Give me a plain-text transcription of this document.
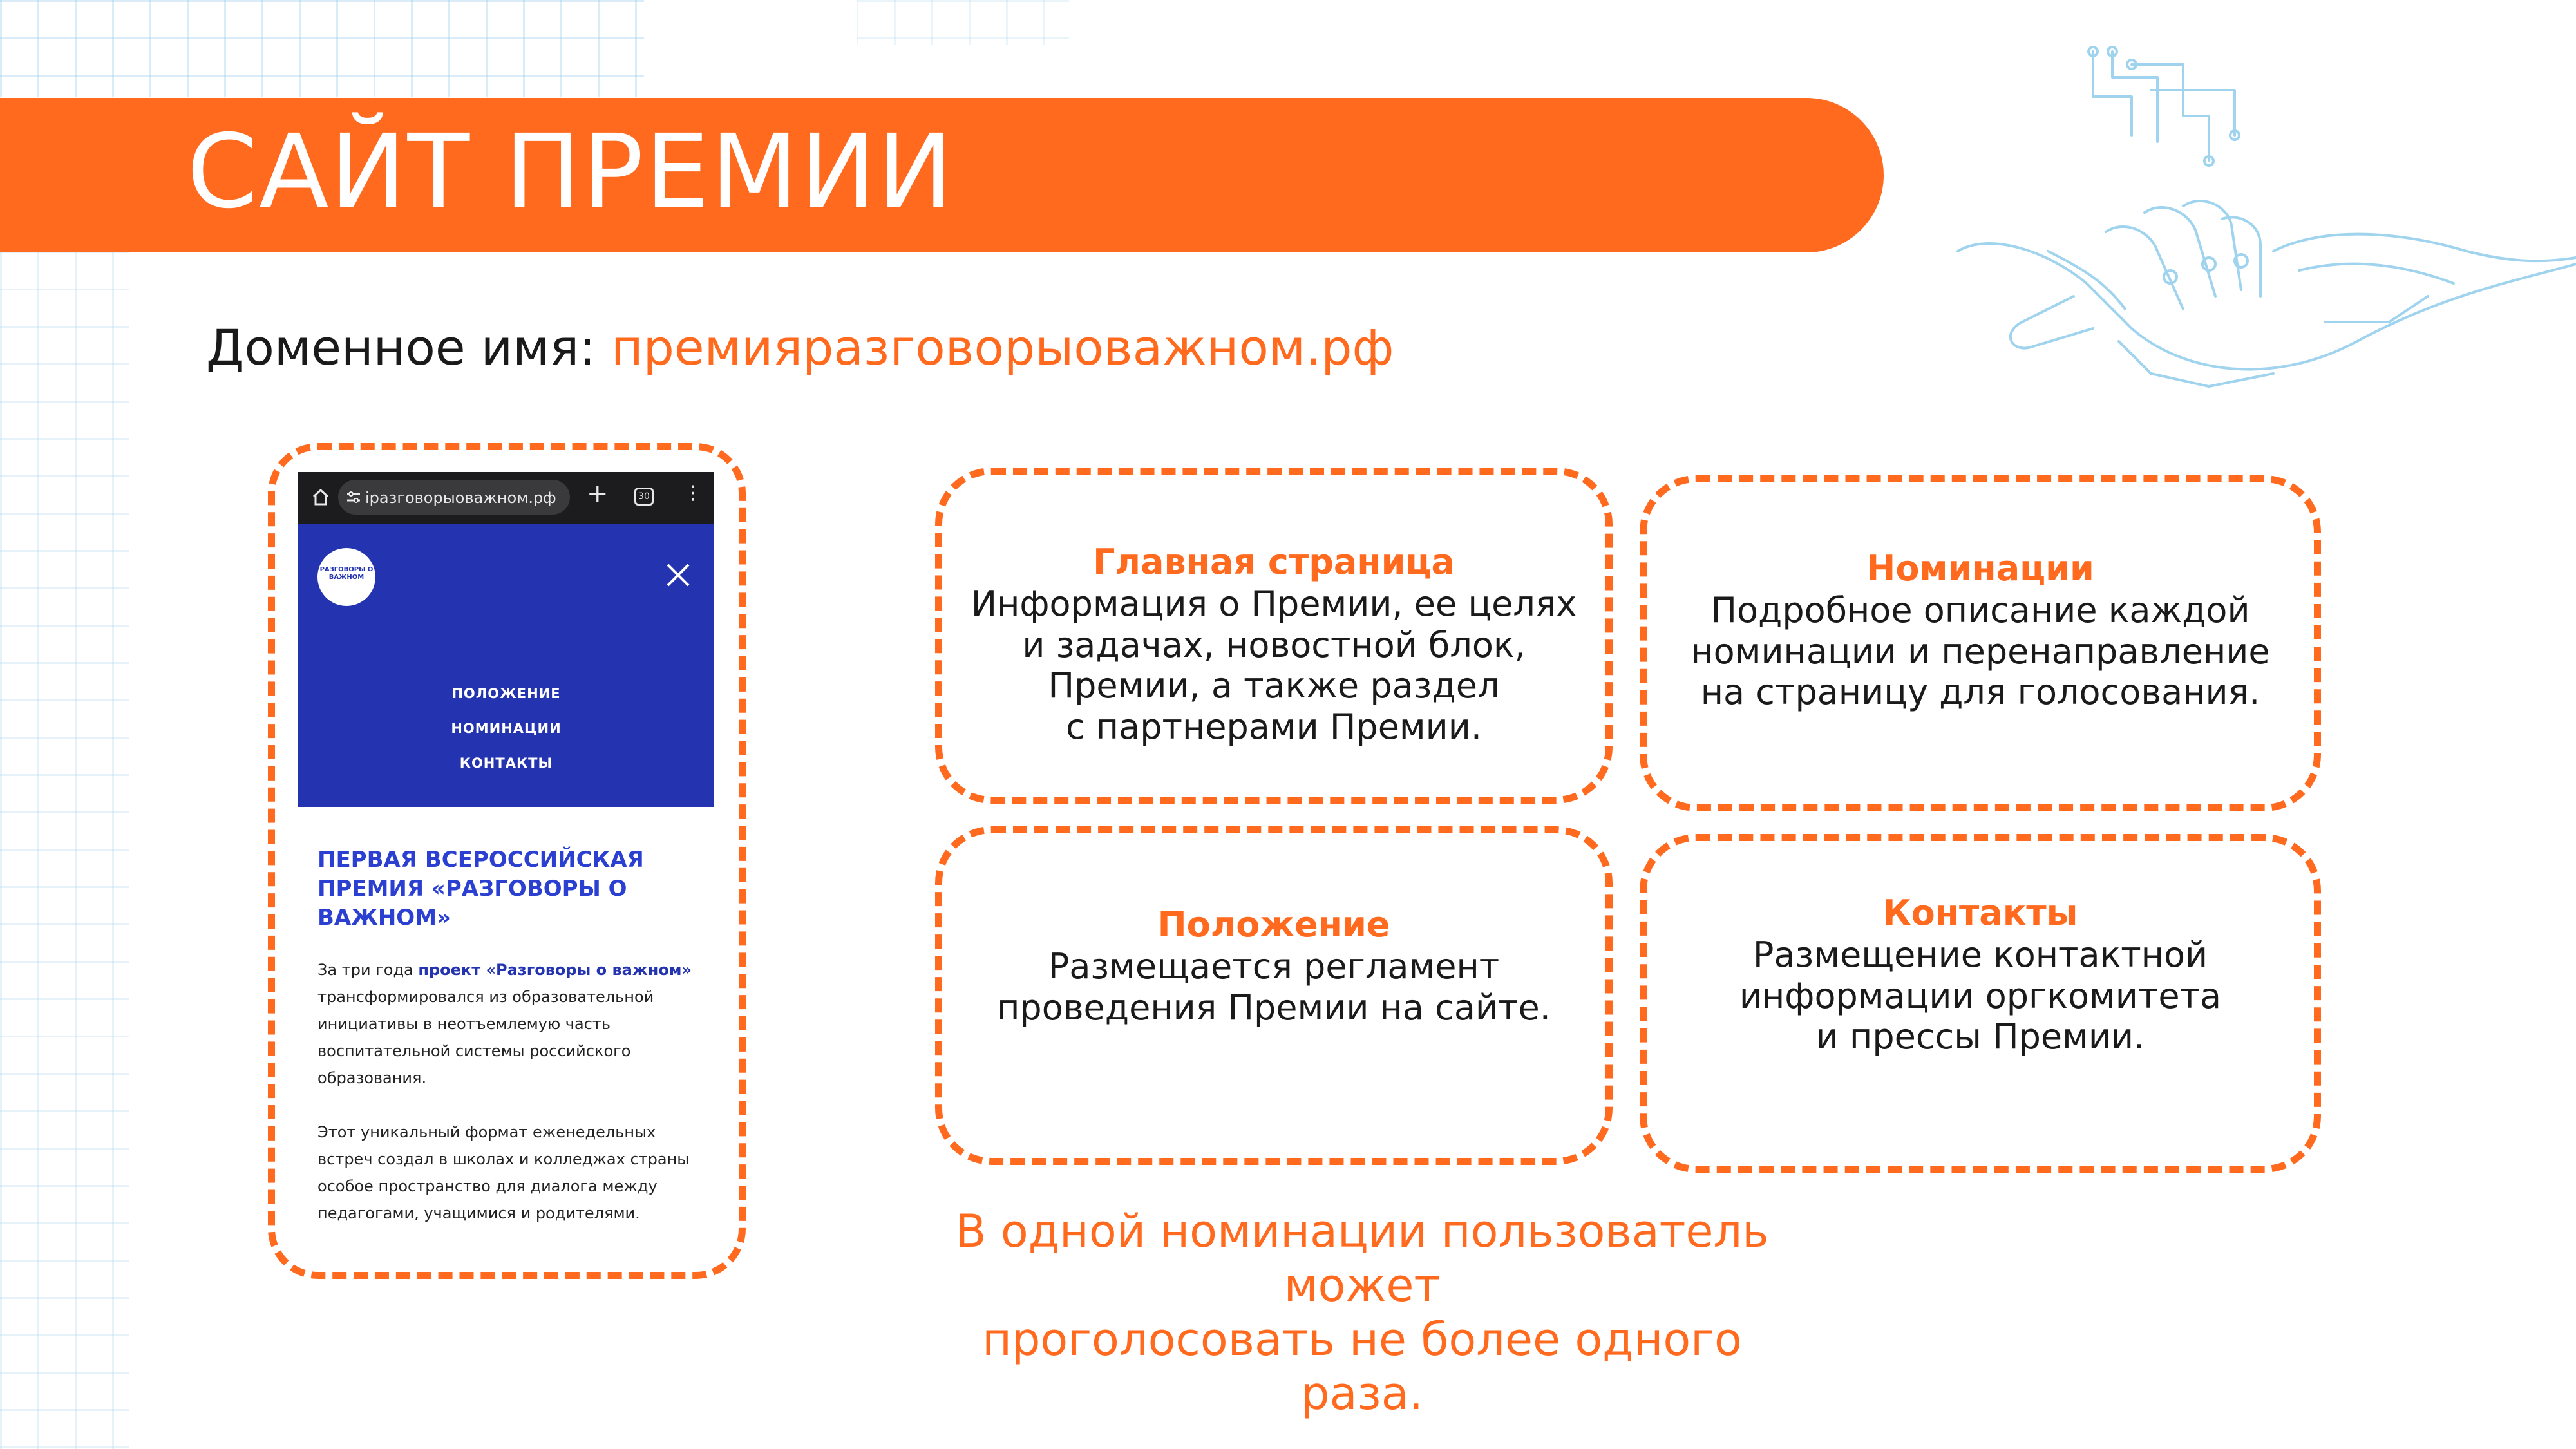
САЙТ ПРЕМИИ
Доменное имя: премияразговорыоважном.рф
іразговорыоважном.рф +	30 ⋮
РАЗГОВОРЫ О ВАЖНОМ
ПОЛОЖЕНИЕ
НОМИНАЦИИ
КОНТАКТЫ
ПЕРВАЯ ВСЕРОССИЙСКАЯ ПРЕМИЯ «РАЗГОВОРЫ О ВАЖНОМ»
За три года проект «Разговоры о важном» трансформировался из образовательной инициативы в неотъемлемую часть воспитательной системы российского образования.
Этот уникальный формат еженедельных встреч создал в школах и колледжах страны особое пространство для диалога между педагогами, учащимися и родителями.
Главная страница
Информация о Премии, ее целях
и задачах, новостной блок,
Премии, а также раздел
с партнерами Премии.
Номинации
Подробное описание каждой
номинации и перенаправление
на страницу для голосования.
Положение
Размещается регламент
проведения Премии на сайте.
Контакты
Размещение контактной
информации оргкомитета
и прессы Премии.
В одной номинации пользователь может
проголосовать не более одного раза.
